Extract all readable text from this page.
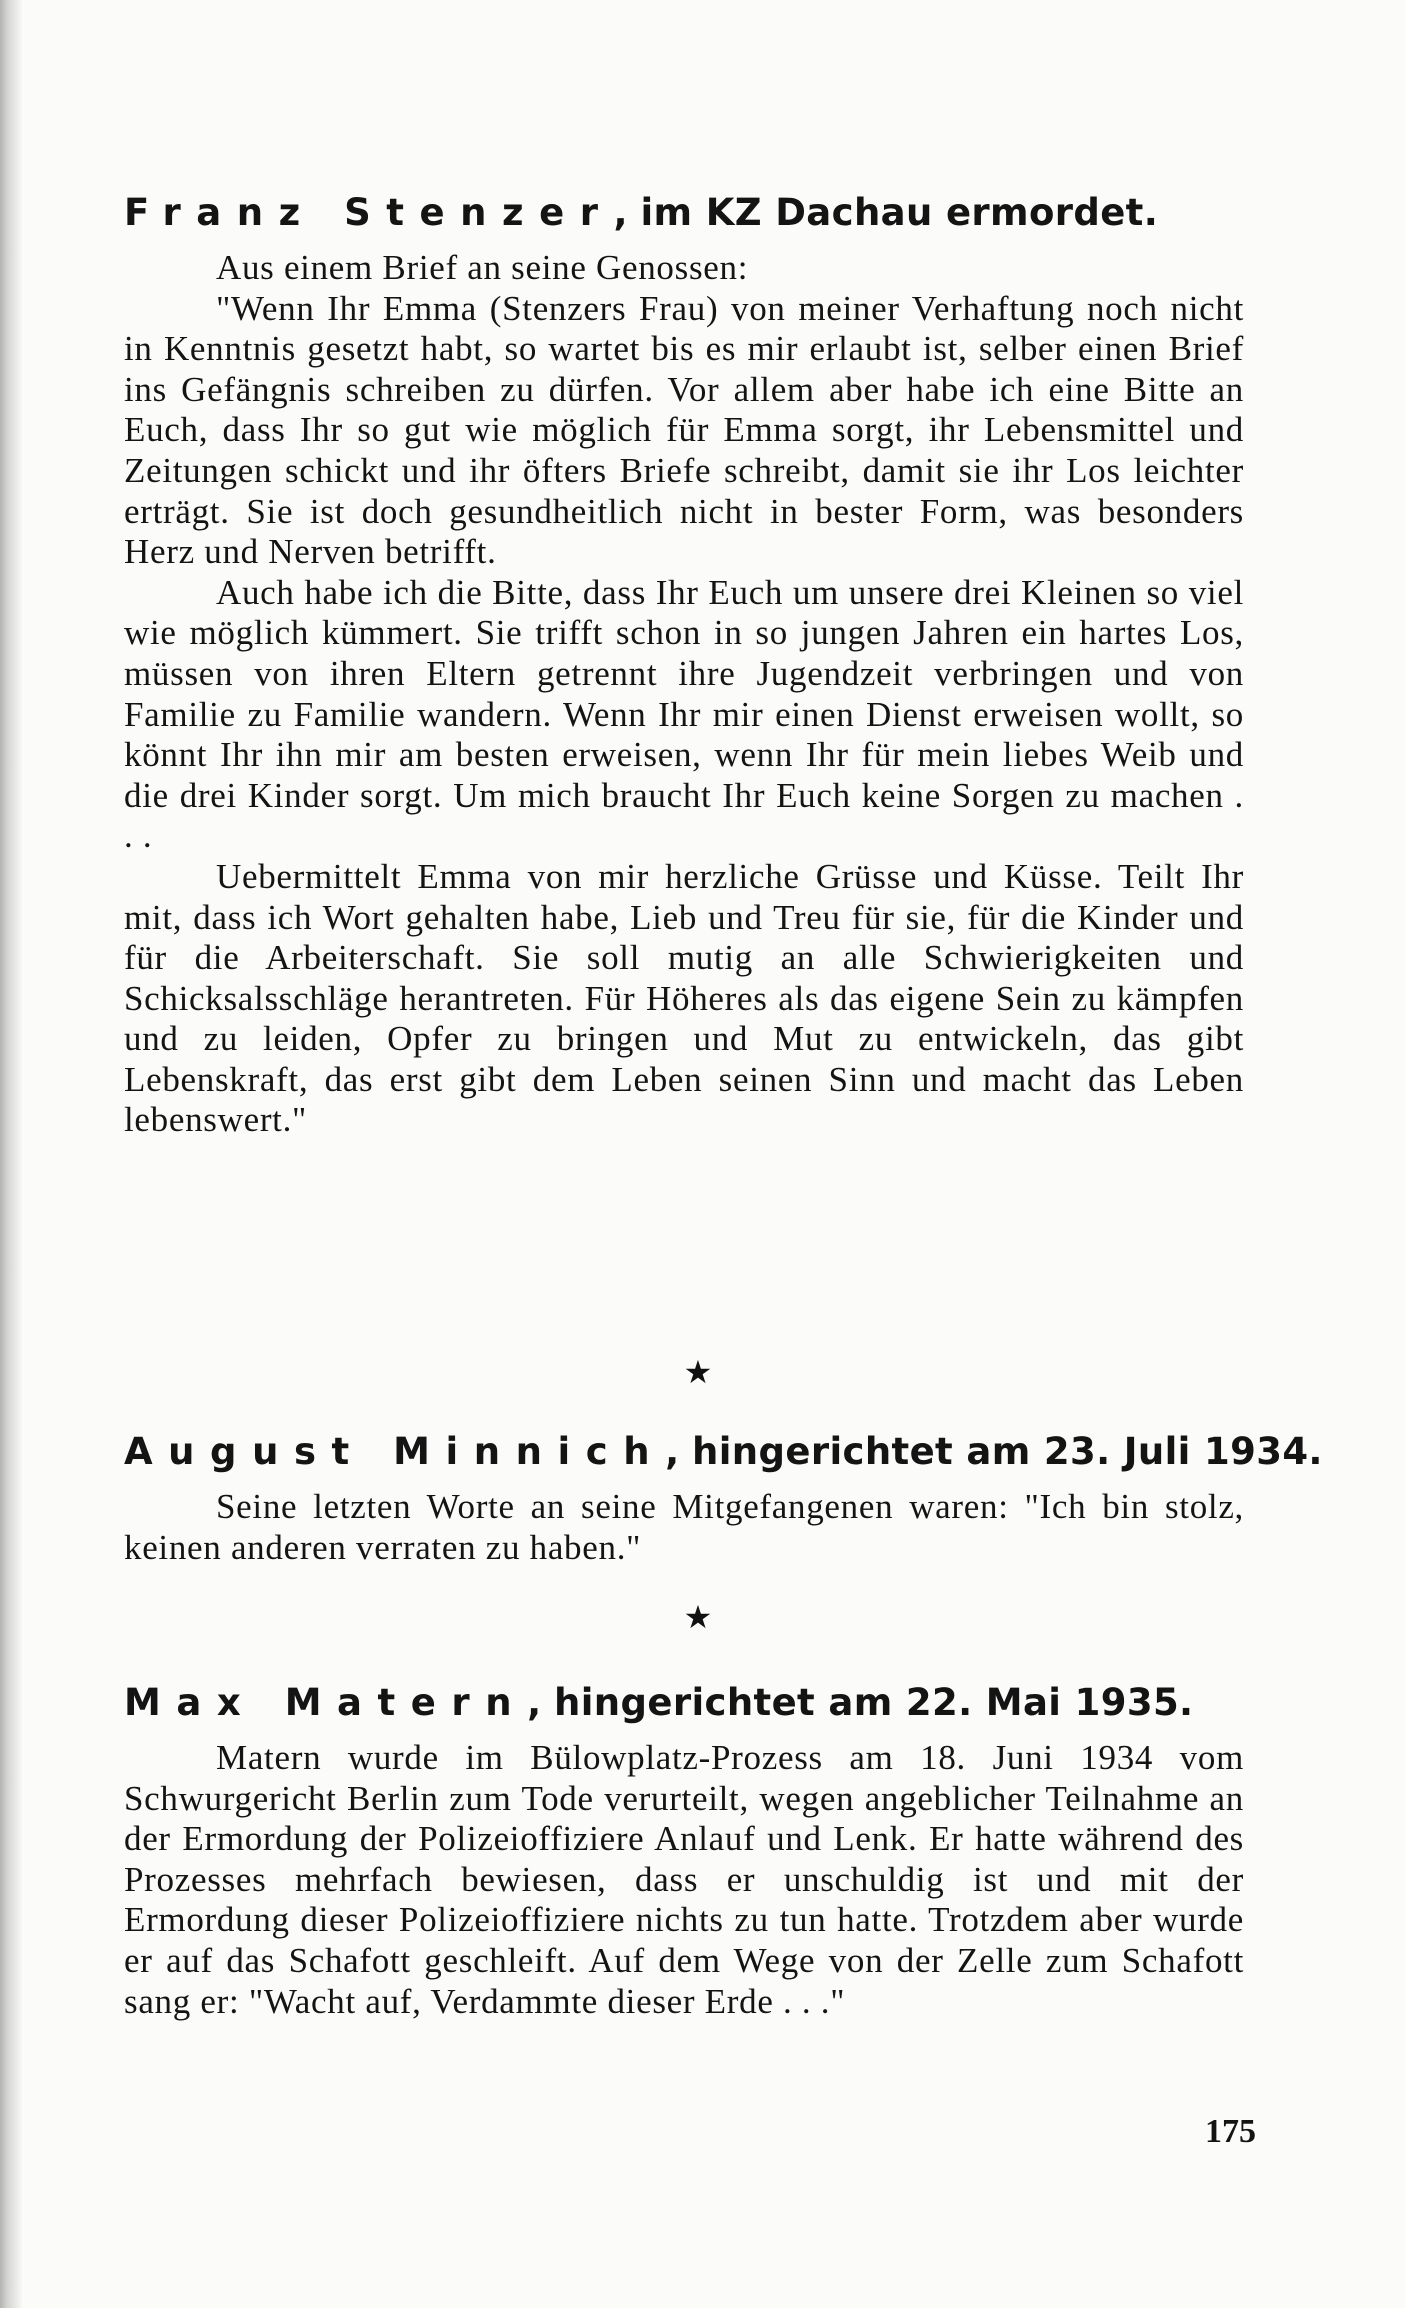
Franz Stenzer, im KZ Dachau ermordet.

Aus einem Brief an seine Genossen:

"Wenn Ihr Emma (Stenzers Frau) von meiner Verhaftung noch nicht in Kenntnis gesetzt habt, so wartet bis es mir erlaubt ist, selber einen Brief ins Gefängnis schreiben zu dürfen. Vor allem aber habe ich eine Bitte an Euch, dass Ihr so gut wie möglich für Emma sorgt, ihr Lebensmittel und Zeitungen schickt und ihr öfters Briefe schreibt, damit sie ihr Los leichter erträgt. Sie ist doch gesundheitlich nicht in bester Form, was besonders Herz und Nerven betrifft.

Auch habe ich die Bitte, dass Ihr Euch um unsere drei Kleinen so viel wie möglich kümmert. Sie trifft schon in so jungen Jahren ein hartes Los, müssen von ihren Eltern getrennt ihre Jugendzeit verbringen und von Familie zu Familie wandern. Wenn Ihr mir einen Dienst erweisen wollt, so könnt Ihr ihn mir am besten erweisen, wenn Ihr für mein liebes Weib und die drei Kinder sorgt. Um mich braucht Ihr Euch keine Sorgen zu machen . . .

Uebermittelt Emma von mir herzliche Grüsse und Küsse. Teilt Ihr mit, dass ich Wort gehalten habe, Lieb und Treu für sie, für die Kinder und für die Arbeiterschaft. Sie soll mutig an alle Schwierigkeiten und Schicksalsschläge herantreten. Für Höheres als das eigene Sein zu kämpfen und zu leiden, Opfer zu bringen und Mut zu entwickeln, das gibt Lebenskraft, das erst gibt dem Leben seinen Sinn und macht das Leben lebenswert."

★
August Minnich, hingerichtet am 23. Juli 1934.

Seine letzten Worte an seine Mitgefangenen waren: "Ich bin stolz, keinen anderen verraten zu haben."

★
Max Matern, hingerichtet am 22. Mai 1935.

Matern wurde im Bülowplatz-Prozess am 18. Juni 1934 vom Schwurgericht Berlin zum Tode verurteilt, wegen angeblicher Teilnahme an der Ermordung der Polizeioffiziere Anlauf und Lenk. Er hatte während des Prozesses mehrfach bewiesen, dass er unschuldig ist und mit der Ermordung dieser Polizeioffiziere nichts zu tun hatte. Trotzdem aber wurde er auf das Schafott geschleift. Auf dem Wege von der Zelle zum Schafott sang er: "Wacht auf, Verdammte dieser Erde . . ."

175
